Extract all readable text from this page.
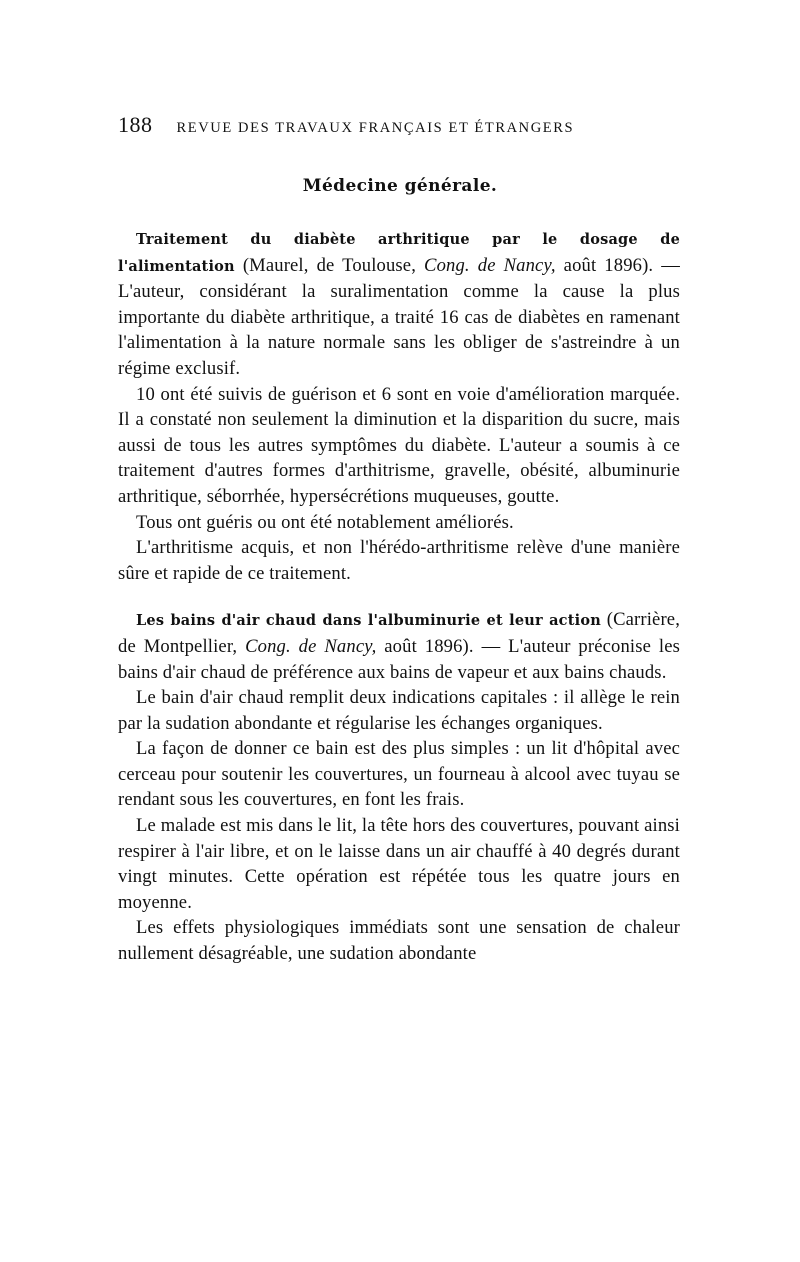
188 REVUE DES TRAVAUX FRANÇAIS ET ÉTRANGERS
Médecine générale.

Traitement du diabète arthritique par le dosage de l'alimentation (Maurel, de Toulouse, Cong. de Nancy, août 1896). — L'auteur, considérant la suralimentation comme la cause la plus importante du diabète arthritique, a traité 16 cas de diabètes en ramenant l'alimentation à la nature normale sans les obliger de s'astreindre à un régime exclusif.

10 ont été suivis de guérison et 6 sont en voie d'amélioration marquée. Il a constaté non seulement la diminution et la disparition du sucre, mais aussi de tous les autres symptômes du diabète. L'auteur a soumis à ce traitement d'autres formes d'arthitrisme, gravelle, obésité, albuminurie arthritique, séborrhée, hypersécrétions muqueuses, goutte.

Tous ont guéris ou ont été notablement améliorés.

L'arthritisme acquis, et non l'hérédo-arthritisme relève d'une manière sûre et rapide de ce traitement.

Les bains d'air chaud dans l'albuminurie et leur action (Carrière, de Montpellier, Cong. de Nancy, août 1896). — L'auteur préconise les bains d'air chaud de préférence aux bains de vapeur et aux bains chauds.

Le bain d'air chaud remplit deux indications capitales : il allège le rein par la sudation abondante et régularise les échanges organiques.

La façon de donner ce bain est des plus simples : un lit d'hôpital avec cerceau pour soutenir les couvertures, un fourneau à alcool avec tuyau se rendant sous les couvertures, en font les frais.

Le malade est mis dans le lit, la tête hors des couvertures, pouvant ainsi respirer à l'air libre, et on le laisse dans un air chauffé à 40 degrés durant vingt minutes. Cette opération est répétée tous les quatre jours en moyenne.

Les effets physiologiques immédiats sont une sensation de chaleur nullement désagréable, une sudation abondante
